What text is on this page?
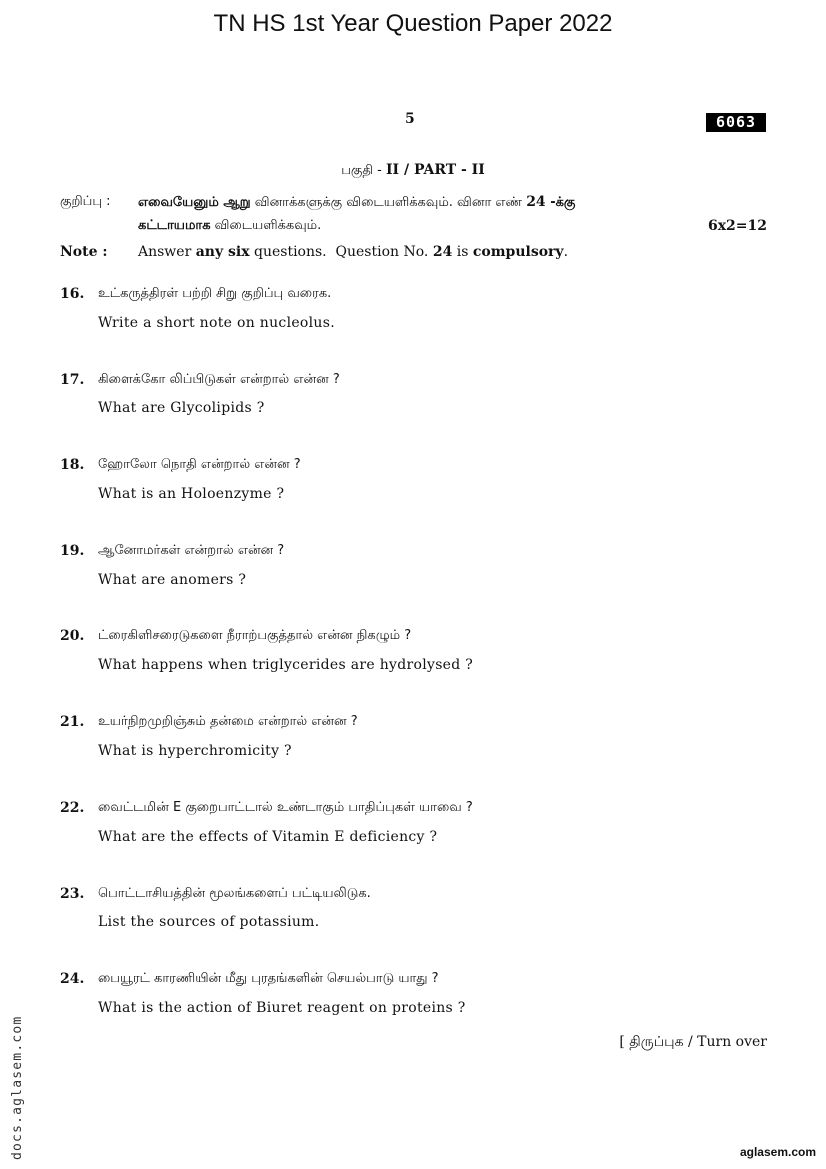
TN HS 1st Year Question Paper 2022
5	6063
பகுதி - II / PART - II
குறிப்பு : எவையேனும் ஆறு வினாக்களுக்கு விடையளிக்கவும். வினா எண் 24 -க்கு
கட்டாயமாக விடையளிக்கவும்.	6x2=12
Note : Answer any six questions.  Question No. 24 is compulsory.
16. உட்கருத்திரள் பற்றி சிறு குறிப்பு வரைக.
Write a short note on nucleolus.
17. கிளைக்கோ லிப்பிடுகள் என்றால் என்ன ?
What are Glycolipids ?
18. ஹோலோ நொதி என்றால் என்ன ?
What is an Holoenzyme ?
19. ஆனோமர்கள் என்றால் என்ன ?
What are anomers ?
20. ட்ரைகிளிசரைடுகளை நீராற்பகுத்தால் என்ன நிகழும் ?
What happens when triglycerides are hydrolysed ?
21. உயர்நிறமுறிஞ்சும் தன்மை என்றால் என்ன ?
What is hyperchromicity ?
22. வைட்டமின் E குறைபாட்டால் உண்டாகும் பாதிப்புகள் யாவை ?
What are the effects of Vitamin E deficiency ?
23. பொட்டாசியத்தின் மூலங்களைப் பட்டியலிடுக.
List the sources of potassium.
24. பையூரட் காரணியின் மீது புரதங்களின் செயல்பாடு யாது ?
What is the action of Biuret reagent on proteins ?
[ திருப்புக / Turn over
docs.aglasem.com	aglasem.com
